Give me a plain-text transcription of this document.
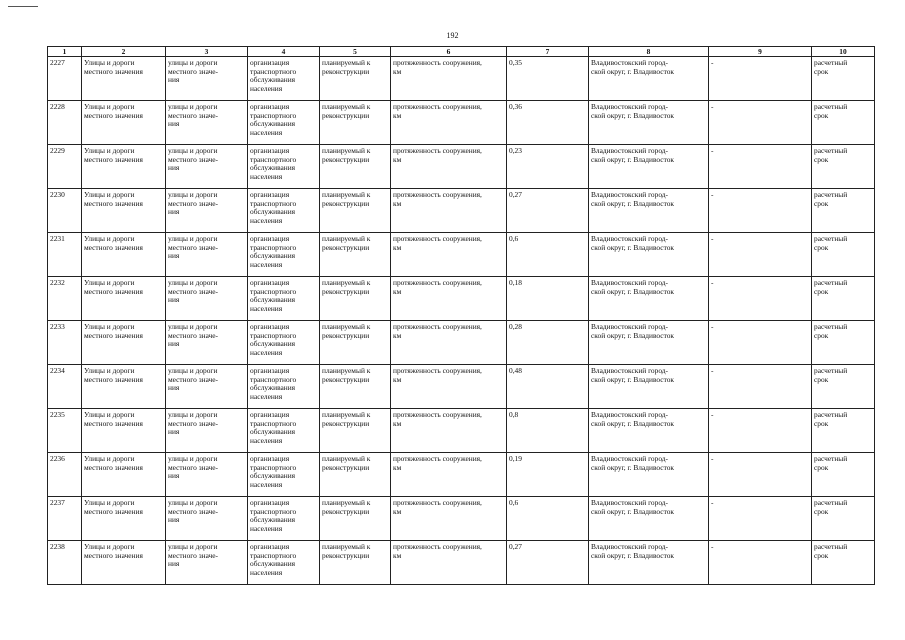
192
1	2	3	4	5	6	7	8	9	10

2227	Улицы и дороги
местного значения	улицы и дороги
местного значе-
ния	организация
транспортного
обслуживания
населения	планируемый к
реконструкции	протяженность сооружения,
км	0,35	Владивостокский город-
ской округ, г. Владивосток	-	расчетный
срок

2228	Улицы и дороги
местного значения	улицы и дороги
местного значе-
ния	организация
транспортного
обслуживания
населения	планируемый к
реконструкции	протяженность сооружения,
км	0,36	Владивостокский город-
ской округ, г. Владивосток	-	расчетный
срок

2229	Улицы и дороги
местного значения	улицы и дороги
местного значе-
ния	организация
транспортного
обслуживания
населения	планируемый к
реконструкции	протяженность сооружения,
км	0,23	Владивостокский город-
ской округ, г. Владивосток	-	расчетный
срок

2230	Улицы и дороги
местного значения	улицы и дороги
местного значе-
ния	организация
транспортного
обслуживания
населения	планируемый к
реконструкции	протяженность сооружения,
км	0,27	Владивостокский город-
ской округ, г. Владивосток	-	расчетный
срок

2231	Улицы и дороги
местного значения	улицы и дороги
местного значе-
ния	организация
транспортного
обслуживания
населения	планируемый к
реконструкции	протяженность сооружения,
км	0,6	Владивостокский город-
ской округ, г. Владивосток	-	расчетный
срок

2232	Улицы и дороги
местного значения	улицы и дороги
местного значе-
ния	организация
транспортного
обслуживания
населения	планируемый к
реконструкции	протяженность сооружения,
км	0,18	Владивостокский город-
ской округ, г. Владивосток	-	расчетный
срок

2233	Улицы и дороги
местного значения	улицы и дороги
местного значе-
ния	организация
транспортного
обслуживания
населения	планируемый к
реконструкции	протяженность сооружения,
км	0,28	Владивостокский город-
ской округ, г. Владивосток	-	расчетный
срок

2234	Улицы и дороги
местного значения	улицы и дороги
местного значе-
ния	организация
транспортного
обслуживания
населения	планируемый к
реконструкции	протяженность сооружения,
км	0,48	Владивостокский город-
ской округ, г. Владивосток	-	расчетный
срок

2235	Улицы и дороги
местного значения	улицы и дороги
местного значе-
ния	организация
транспортного
обслуживания
населения	планируемый к
реконструкции	протяженность сооружения,
км	0,8	Владивостокский город-
ской округ, г. Владивосток	-	расчетный
срок

2236	Улицы и дороги
местного значения	улицы и дороги
местного значе-
ния	организация
транспортного
обслуживания
населения	планируемый к
реконструкции	протяженность сооружения,
км	0,19	Владивостокский город-
ской округ, г. Владивосток	-	расчетный
срок

2237	Улицы и дороги
местного значения	улицы и дороги
местного значе-
ния	организация
транспортного
обслуживания
населения	планируемый к
реконструкции	протяженность сооружения,
км	0,6	Владивостокский город-
ской округ, г. Владивосток	-	расчетный
срок

2238	Улицы и дороги
местного значения	улицы и дороги
местного значе-
ния	организация
транспортного
обслуживания
населения	планируемый к
реконструкции	протяженность сооружения,
км	0,27	Владивостокский город-
ской округ, г. Владивосток	-	расчетный
срок
